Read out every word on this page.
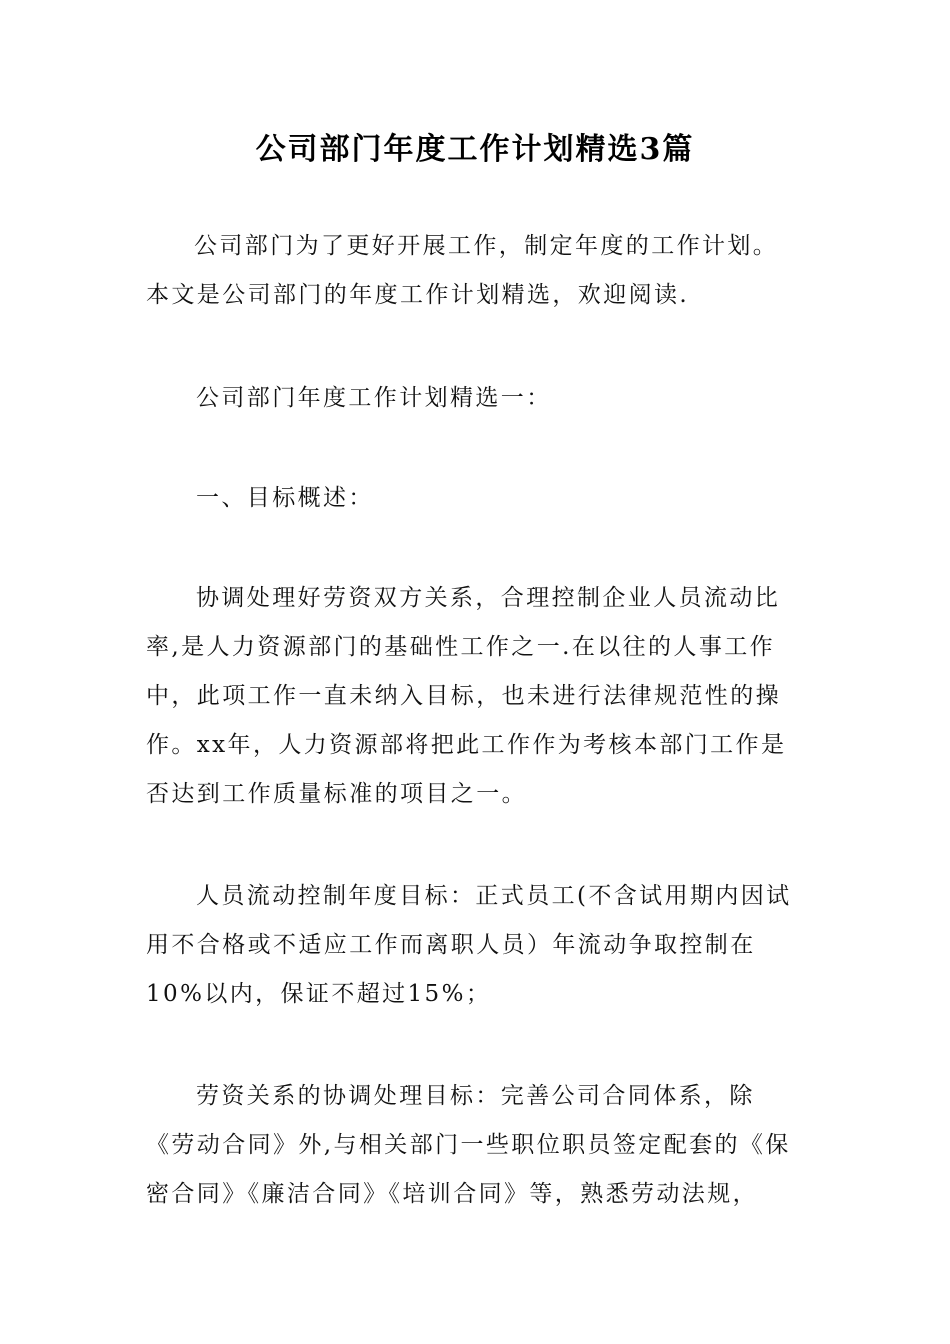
公司部门年度工作计划精选3篇
公司部门为了更好开展工作，制定年度的工作计划。
本文是公司部门的年度工作计划精选，欢迎阅读.
公司部门年度工作计划精选一：
一、目标概述：
协调处理好劳资双方关系，合理控制企业人员流动比
率,是人力资源部门的基础性工作之一.在以往的人事工作
中，此项工作一直未纳入目标，也未进行法律规范性的操
作。xx年，人力资源部将把此工作作为考核本部门工作是
否达到工作质量标准的项目之一。
人员流动控制年度目标：正式员工(不含试用期内因试
用不合格或不适应工作而离职人员）年流动争取控制在
10%以内，保证不超过15%；
劳资关系的协调处理目标：完善公司合同体系，除
《劳动合同》外,与相关部门一些职位职员签定配套的《保
密合同》《廉洁合同》《培训合同》等，熟悉劳动法规，
